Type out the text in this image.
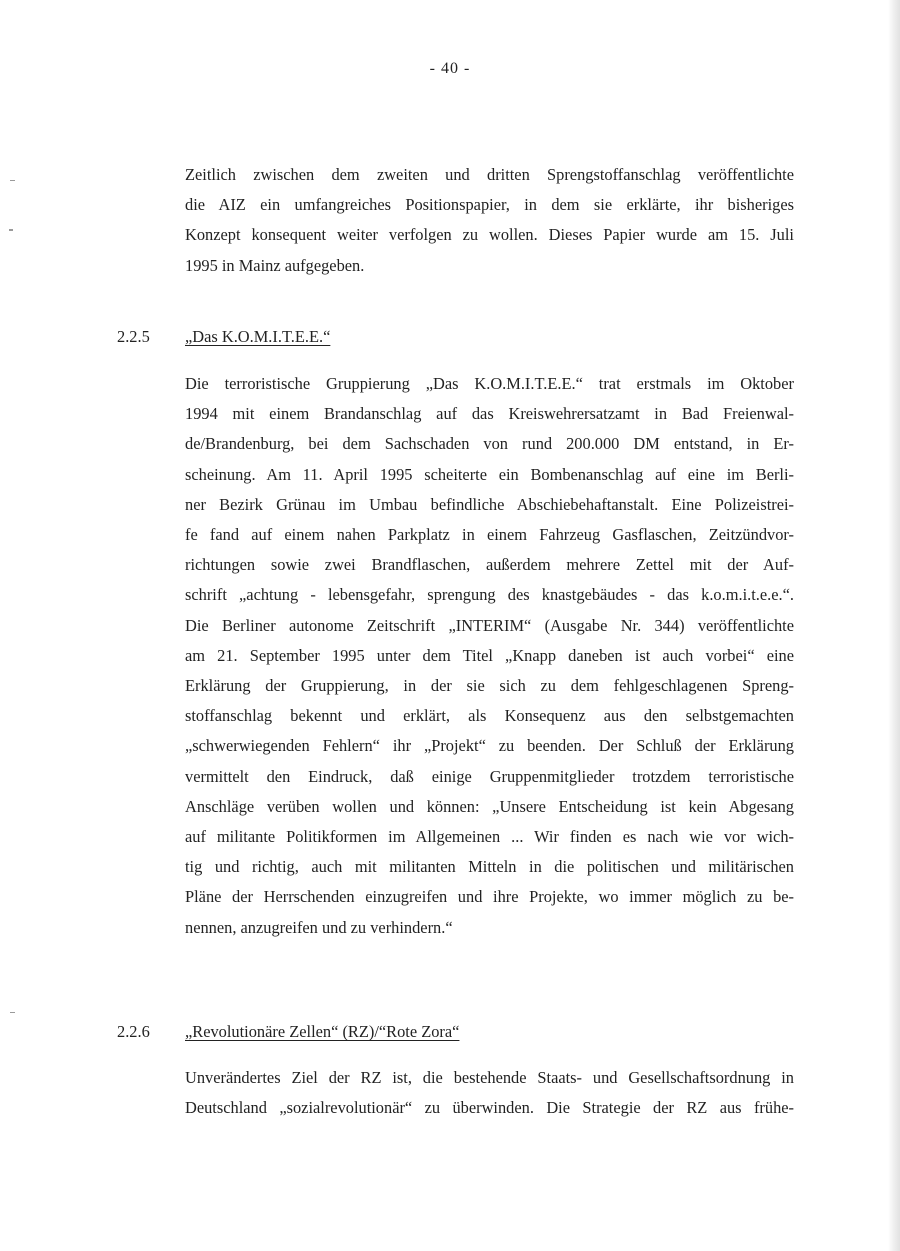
- 40 -
Zeitlich zwischen dem zweiten und dritten Sprengstoffanschlag veröffentlichte
die AIZ ein umfangreiches Positionspapier, in dem sie erklärte, ihr bisheriges
Konzept konsequent weiter verfolgen zu wollen. Dieses Papier wurde am 15. Juli
1995 in Mainz aufgegeben.
2.2.5 „Das K.O.M.I.T.E.E.“
Die terroristische Gruppierung „Das K.O.M.I.T.E.E.“ trat erstmals im Oktober
1994 mit einem Brandanschlag auf das Kreiswehrersatzamt in Bad Freienwal-
de/Brandenburg, bei dem Sachschaden von rund 200.000 DM entstand, in Er-
scheinung. Am 11. April 1995 scheiterte ein Bombenanschlag auf eine im Berli-
ner Bezirk Grünau im Umbau befindliche Abschiebehaftanstalt. Eine Polizeistrei-
fe fand auf einem nahen Parkplatz in einem Fahrzeug Gasflaschen, Zeitzündvor-
richtungen sowie zwei Brandflaschen, außerdem mehrere Zettel mit der Auf-
schrift „achtung - lebensgefahr, sprengung des knastgebäudes - das k.o.m.i.t.e.e.“.
Die Berliner autonome Zeitschrift „INTERIM“ (Ausgabe Nr. 344) veröffentlichte
am 21. September 1995 unter dem Titel „Knapp daneben ist auch vorbei“ eine
Erklärung der Gruppierung, in der sie sich zu dem fehlgeschlagenen Spreng-
stoffanschlag bekennt und erklärt, als Konsequenz aus den selbstgemachten
„schwerwiegenden Fehlern“ ihr „Projekt“ zu beenden. Der Schluß der Erklärung
vermittelt den Eindruck, daß einige Gruppenmitglieder trotzdem terroristische
Anschläge verüben wollen und können: „Unsere Entscheidung ist kein Abgesang
auf militante Politikformen im Allgemeinen ... Wir finden es nach wie vor wich-
tig und richtig, auch mit militanten Mitteln in die politischen und militärischen
Pläne der Herrschenden einzugreifen und ihre Projekte, wo immer möglich zu be-
nennen, anzugreifen und zu verhindern.“
2.2.6 „Revolutionäre Zellen“ (RZ)/“Rote Zora“
Unverändertes Ziel der RZ ist, die bestehende Staats- und Gesellschaftsordnung in
Deutschland „sozialrevolutionär“ zu überwinden. Die Strategie der RZ aus frühe-
